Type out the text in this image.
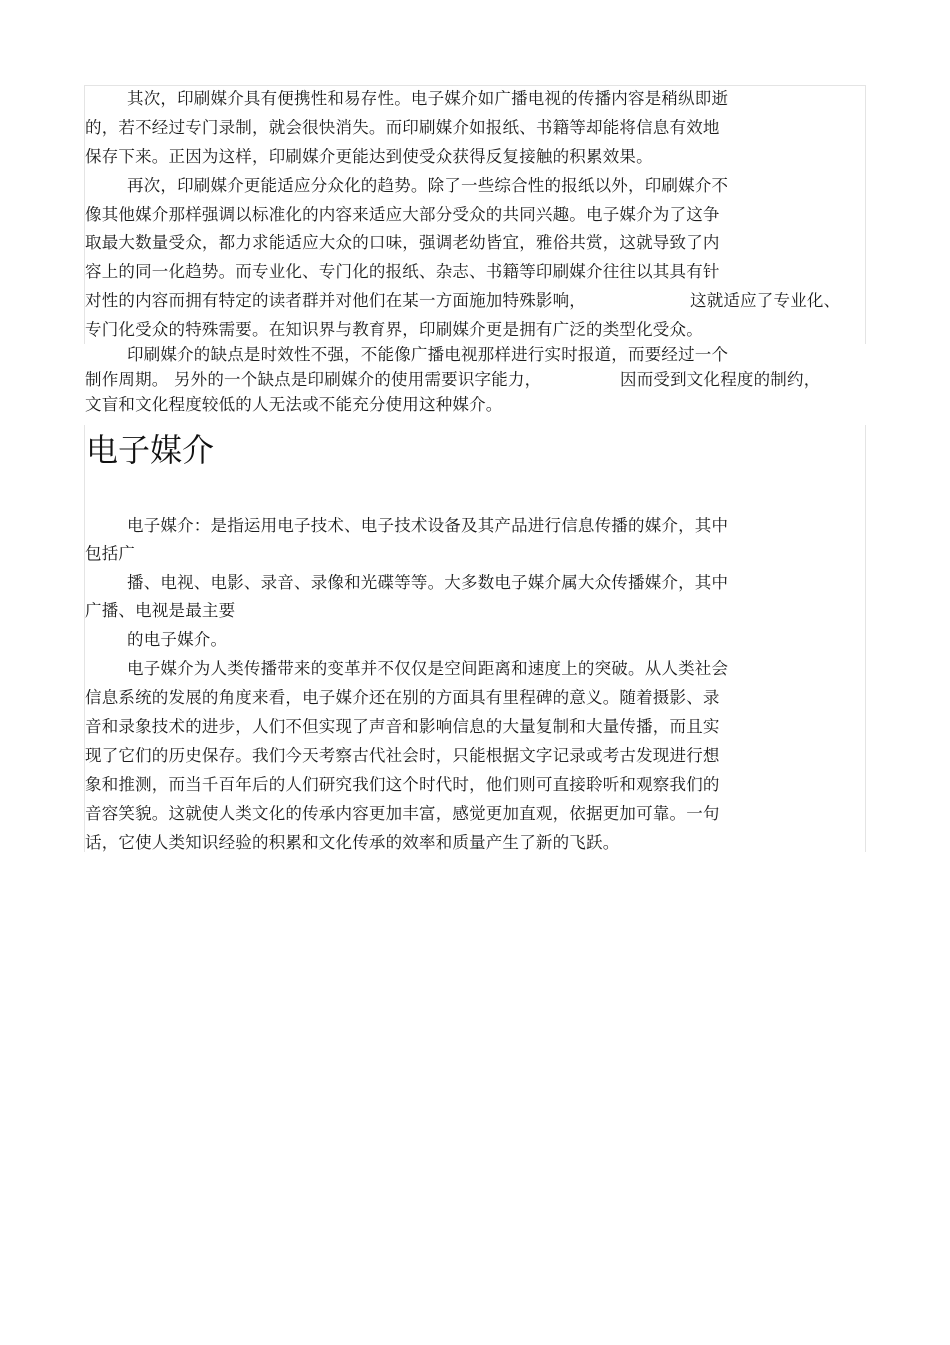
其次，印刷媒介具有便携性和易存性。电子媒介如广播电视的传播内容是稍纵即逝
的，若不经过专门录制，就会很快消失。而印刷媒介如报纸、书籍等却能将信息有效地
保存下来。正因为这样，印刷媒介更能达到使受众获得反复接触的积累效果。
再次，印刷媒介更能适应分众化的趋势。除了一些综合性的报纸以外，印刷媒介不
像其他媒介那样强调以标准化的内容来适应大部分受众的共同兴趣。电子媒介为了这争
取最大数量受众，都力求能适应大众的口味，强调老幼皆宜，雅俗共赏，这就导致了内
容上的同一化趋势。而专业化、专门化的报纸、杂志、书籍等印刷媒介往往以其具有针
对性的内容而拥有特定的读者群并对他们在某一方面施加特殊影响，	这就适应了专业化、
专门化受众的特殊需要。在知识界与教育界，印刷媒介更是拥有广泛的类型化受众。
印刷媒介的缺点是时效性不强，不能像广播电视那样进行实时报道，而要经过一个
制作周期。 另外的一个缺点是印刷媒介的使用需要识字能力，	因而受到文化程度的制约，
文盲和文化程度较低的人无法或不能充分使用这种媒介。
电子媒介
电子媒介：是指运用电子技术、电子技术设备及其产品进行信息传播的媒介，其中
包括广
播、电视、电影、录音、录像和光碟等等。大多数电子媒介属大众传播媒介，其中
广播、电视是最主要
的电子媒介。
电子媒介为人类传播带来的变革并不仅仅是空间距离和速度上的突破。从人类社会
信息系统的发展的角度来看，电子媒介还在别的方面具有里程碑的意义。随着摄影、录
音和录象技术的进步，人们不但实现了声音和影响信息的大量复制和大量传播，而且实
现了它们的历史保存。我们今天考察古代社会时，只能根据文字记录或考古发现进行想
象和推测，而当千百年后的人们研究我们这个时代时，他们则可直接聆听和观察我们的
音容笑貌。这就使人类文化的传承内容更加丰富，感觉更加直观，依据更加可靠。一句
话，它使人类知识经验的积累和文化传承的效率和质量产生了新的飞跃。
